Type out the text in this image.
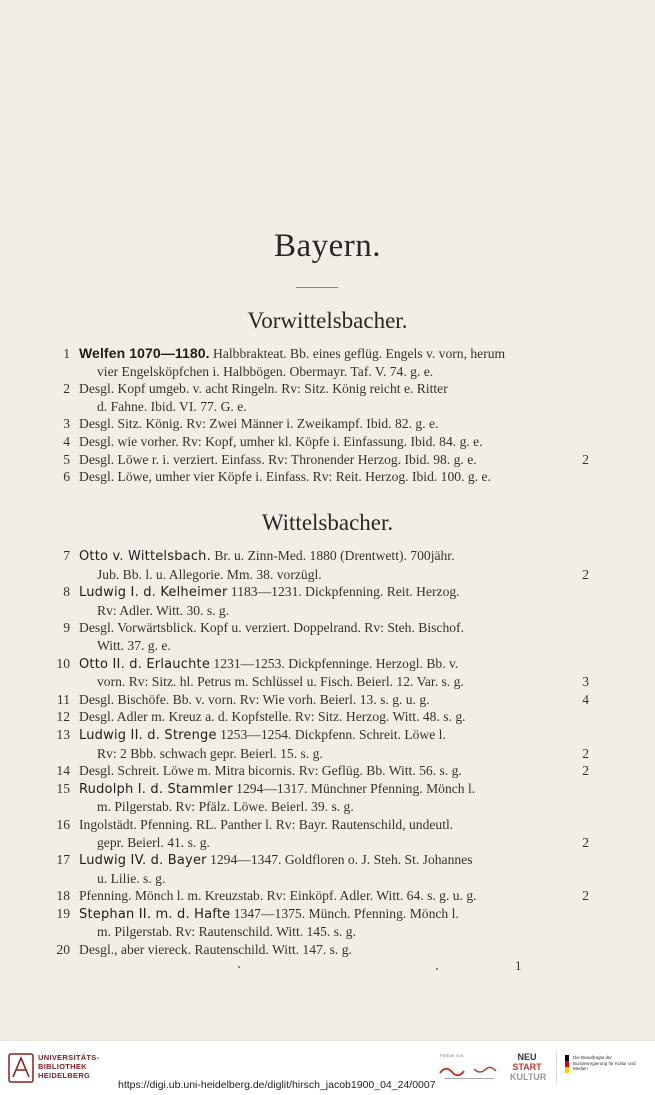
Bayern.
Vorwittelsbacher.
1 Welfen 1070—1180. Halbbrakteat. Bb. eines geflüg. Engels v. vorn, herum
vier Engelsköpfchen i. Halbbögen. Obermayr. Taf. V. 74. g. e.
2 Desgl. Kopf umgeb. v. acht Ringeln. Rv: Sitz. König reicht e. Ritter
d. Fahne. Ibid. VI. 77. G. e.
3 Desgl. Sitz. König. Rv: Zwei Männer i. Zweikampf. Ibid. 82. g. e.
4 Desgl. wie vorher. Rv: Kopf, umher kl. Köpfe i. Einfassung. Ibid. 84. g. e.
5 Desgl. Löwe r. i. verziert. Einfass. Rv: Thronender Herzog. Ibid. 98. g. e.	2
6 Desgl. Löwe, umher vier Köpfe i. Einfass. Rv: Reit. Herzog. Ibid. 100. g. e.
Wittelsbacher.
7 Otto v. Wittelsbach. Br. u. Zinn-Med. 1880 (Drentwett). 700jähr.
Jub. Bb. l. u. Allegorie. Mm. 38. vorzügl.	2
8 Ludwig I. d. Kelheimer 1183—1231. Dickpfenning. Reit. Herzog.
Rv: Adler. Witt. 30. s. g.
9 Desgl. Vorwärtsblick. Kopf u. verziert. Doppelrand. Rv: Steh. Bischof.
Witt. 37. g. e.
10 Otto II. d. Erlauchte 1231—1253. Dickpfenninge. Herzogl. Bb. v.
vorn. Rv: Sitz. hl. Petrus m. Schlüssel u. Fisch. Beierl. 12. Var. s. g.	3
11 Desgl. Bischöfe. Bb. v. vorn. Rv: Wie vorh. Beierl. 13. s. g. u. g.	4
12 Desgl. Adler m. Kreuz a. d. Kopfstelle. Rv: Sitz. Herzog. Witt. 48. s. g.
13 Ludwig II. d. Strenge 1253—1254. Dickpfenn. Schreit. Löwe l.
Rv: 2 Bbb. schwach gepr. Beierl. 15. s. g.	2
14 Desgl. Schreit. Löwe m. Mitra bicornis. Rv: Geflüg. Bb. Witt. 56. s. g.	2
15 Rudolph I. d. Stammler 1294—1317. Münchner Pfenning. Mönch l.
m. Pilgerstab. Rv: Pfälz. Löwe. Beierl. 39. s. g.
16 Ingolstädt. Pfenning. RL. Panther l. Rv: Bayr. Rautenschild, undeutl.
gepr. Beierl. 41. s. g.	2
17 Ludwig IV. d. Bayer 1294—1347. Goldfloren o. J. Steh. St. Johannes
u. Lilie. s. g.
18 Pfenning. Mönch l. m. Kreuzstab. Rv: Einköpf. Adler. Witt. 64. s. g. u. g.	2
19 Stephan II. m. d. Hafte 1347—1375. Münch. Pfenning. Mönch l.
m. Pilgerstab. Rv: Rautenschild. Witt. 145. s. g.
20 Desgl., aber viereck. Rautenschild. Witt. 147. s. g.
1
UNIVERSITÄTS-
BIBLIOTHEK
HEIDELBERG
Partner von	NEU
START
KULTUR
Die Beauftragte der Bundesregierung für Kultur und Medien
https://digi.ub.uni-heidelberg.de/diglit/hirsch_jacob1900_04_24/0007
